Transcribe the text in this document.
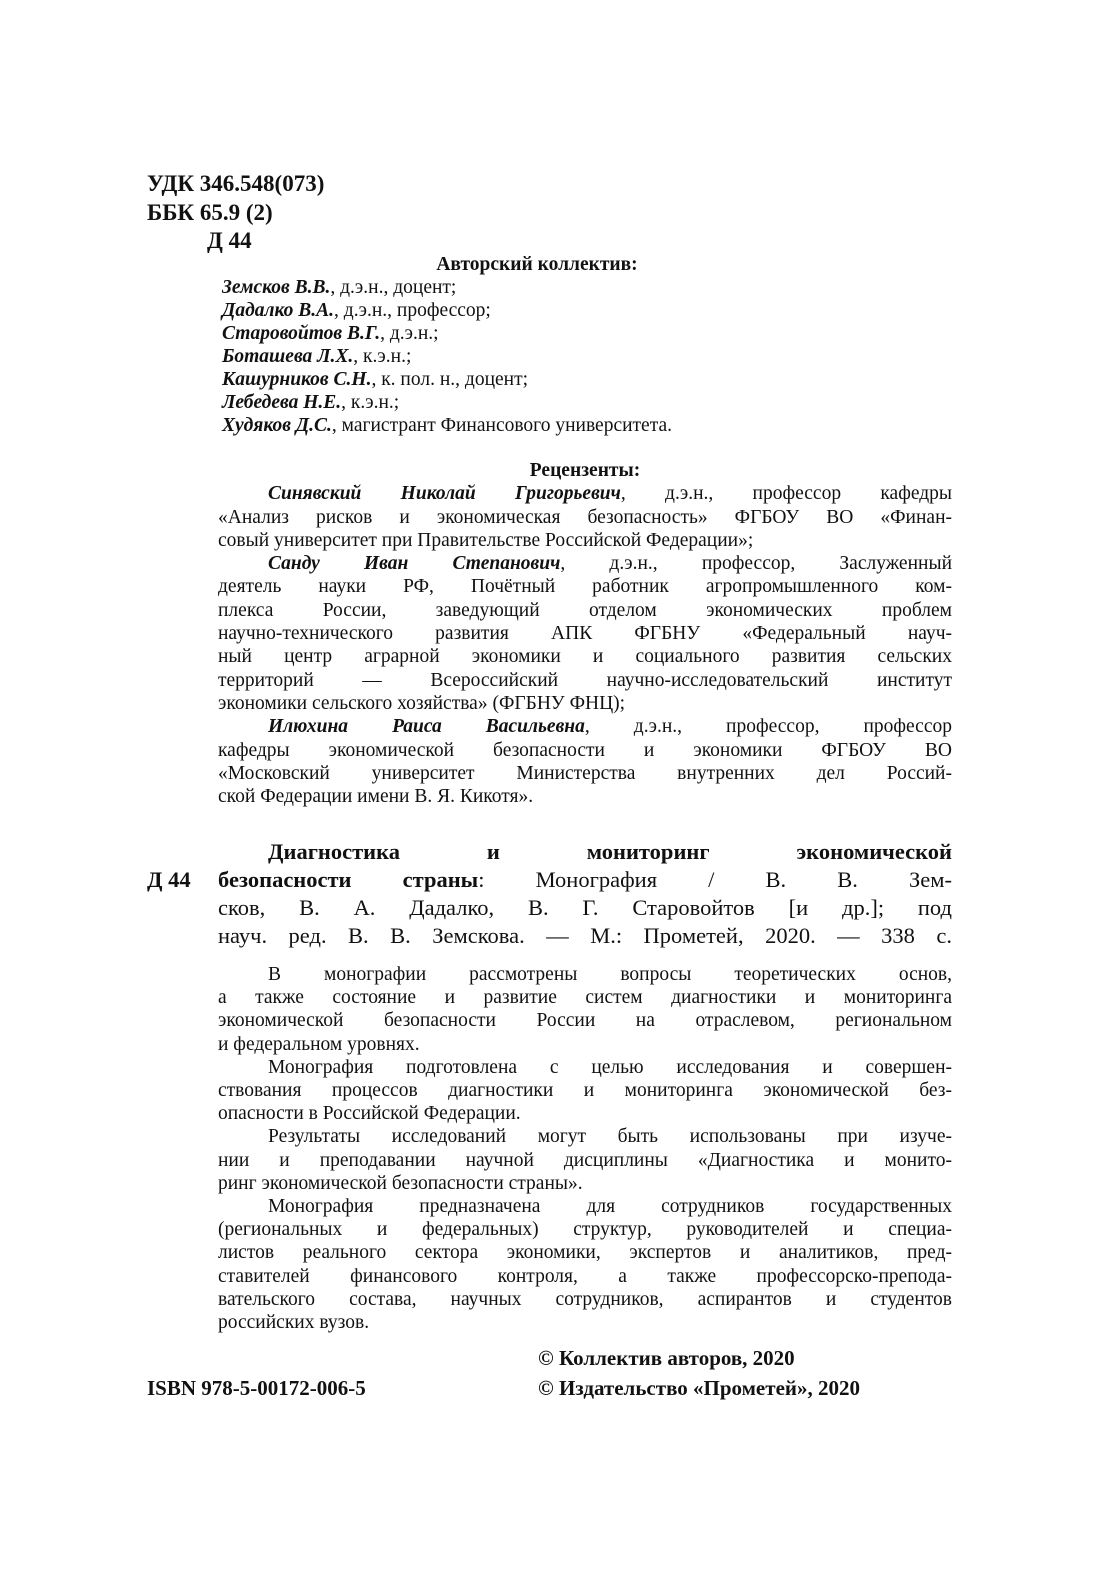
УДК 346.548(073)
ББК 65.9 (2)
Д 44
Авторский коллектив:
Земсков В.В., д.э.н., доцент;
Дадалко В.А., д.э.н., профессор;
Старовойтов В.Г., д.э.н.;
Боташева Л.Х., к.э.н.;
Кашурников С.Н., к. пол. н., доцент;
Лебедева Н.Е., к.э.н.;
Худяков Д.С., магистрант Финансового университета.
Рецензенты:
Синявский Николай Григорьевич, д.э.н., профессор кафедры
«Анализ рисков и экономическая безопасность» ФГБОУ ВО «Финан-
совый университет при Правительстве Российской Федерации»;
Санду Иван Степанович, д.э.н., профессор, Заслуженный
деятель науки РФ, Почётный работник агропромышленного ком-
плекса России, заведующий отделом экономических проблем
научно-технического развития АПК ФГБНУ «Федеральный науч-
ный центр аграрной экономики и социального развития сельских
территорий — Всероссийский научно-исследовательский институт
экономики сельского хозяйства» (ФГБНУ ФНЦ);
Илюхина Раиса Васильевна, д.э.н., профессор, профессор
кафедры экономической безопасности и экономики ФГБОУ ВО
«Московский университет Министерства внутренних дел Россий-
ской Федерации имени В. Я. Кикотя».
Д 44
Диагностика и мониторинг экономической
безопасности страны: Монография / В. В. Зем-
сков, В. А. Дадалко, В. Г. Старовойтов [и др.]; под
науч. ред. В. В. Земскова. — М.: Прометей, 2020. — 338 с.
В монографии рассмотрены вопросы теоретических основ,
а также состояние и развитие систем диагностики и мониторинга
экономической безопасности России на отраслевом, региональном
и федеральном уровнях.
Монография подготовлена с целью исследования и совершен-
ствования процессов диагностики и мониторинга экономической без-
опасности в Российской Федерации.
Результаты исследований могут быть использованы при изуче-
нии и преподавании научной дисциплины «Диагностика и монито-
ринг экономической безопасности страны».
Монография предназначена для сотрудников государственных
(региональных и федеральных) структур, руководителей и специа-
листов реального сектора экономики, экспертов и аналитиков, пред-
ставителей финансового контроля, а также профессорско-препода-
вательского состава, научных сотрудников, аспирантов и студентов
российских вузов.
© Коллектив авторов, 2020
© Издательство «Прометей», 2020
ISBN 978-5-00172-006-5
